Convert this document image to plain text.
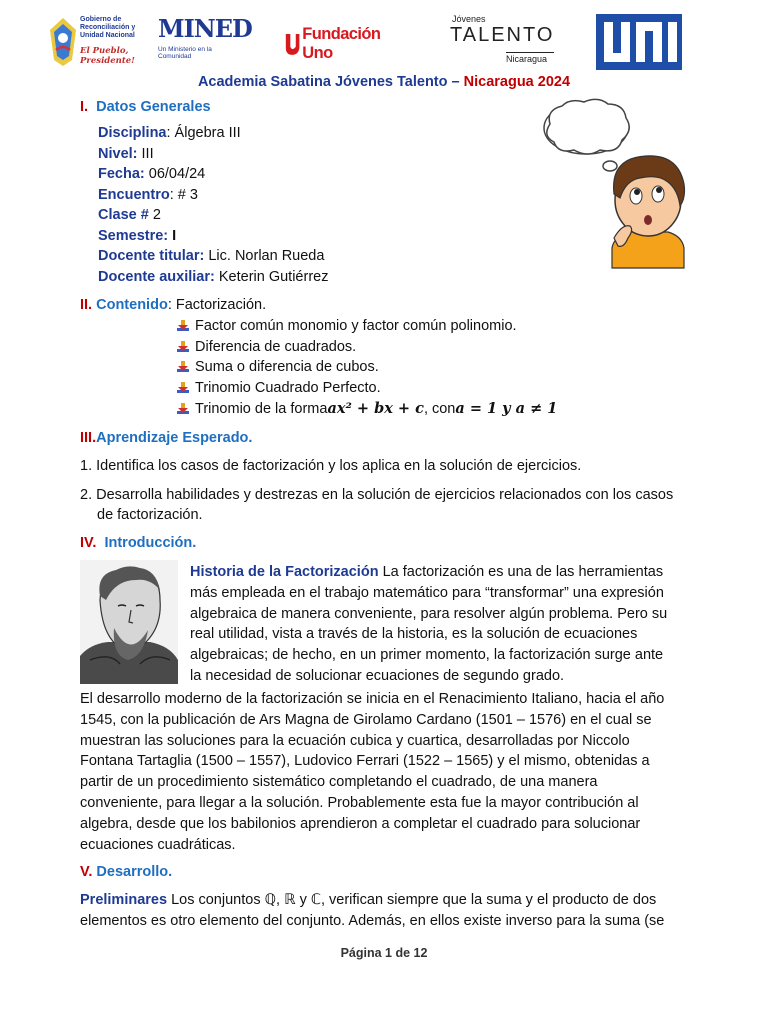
Gobierno de Reconciliación y Unidad Nacional
El Pueblo, Presidente!
MINED
Un Ministerio en la Comunidad
Fundación Uno
Jóvenes
TALENTO
Nicaragua
Academia Sabatina Jóvenes Talento – Nicaragua 2024
I. Datos Generales
Disciplina: Álgebra III
Nivel: III
Fecha: 06/04/24
Encuentro: # 3
Clase # 2
Semestre: I
Docente titular: Lic. Norlan Rueda
Docente auxiliar: Keterin Gutiérrez
II. Contenido: Factorización.
Factor común monomio y factor común polinomio.
Diferencia de cuadrados.
Suma o diferencia de cubos.
Trinomio Cuadrado Perfecto.
Trinomio de la forma ax² + bx + c , con a = 1 y a ≠ 1
III.Aprendizaje Esperado.
1. Identifica los casos de factorización y los aplica en la solución de ejercicios.
2. Desarrolla habilidades y destrezas en la solución de ejercicios relacionados con los casos
de factorización.
IV. Introducción.
Historia de la Factorización La factorización es una de las herramientas
más empleada en el trabajo matemático para “transformar” una expresión
algebraica de manera conveniente, para resolver algún problema. Pero su
real utilidad, vista a través de la historia, es la solución de ecuaciones
algebraicas; de hecho, en un primer momento, la factorización surge ante
la necesidad de solucionar ecuaciones de segundo grado.
El desarrollo moderno de la factorización se inicia en el Renacimiento Italiano, hacia el año
1545, con la publicación de Ars Magna de Girolamo Cardano (1501 – 1576) en el cual se
muestran las soluciones para la ecuación cubica y cuartica, desarrolladas por Niccolo
Fontana Tartaglia (1500 – 1557), Ludovico Ferrari (1522 – 1565) y el mismo, obtenidas a
partir de un procedimiento sistemático completando el cuadrado, de una manera
conveniente, para llegar a la solución. Probablemente esta fue la mayor contribución al
algebra, desde que los babilonios aprendieron a completar el cuadrado para solucionar
ecuaciones cuadráticas.
V. Desarrollo.
Preliminares Los conjuntos ℚ, ℝ y ℂ, verifican siempre que la suma y el producto de dos
elementos es otro elemento del conjunto. Además, en ellos existe inverso para la suma (se
Página 1 de 12
